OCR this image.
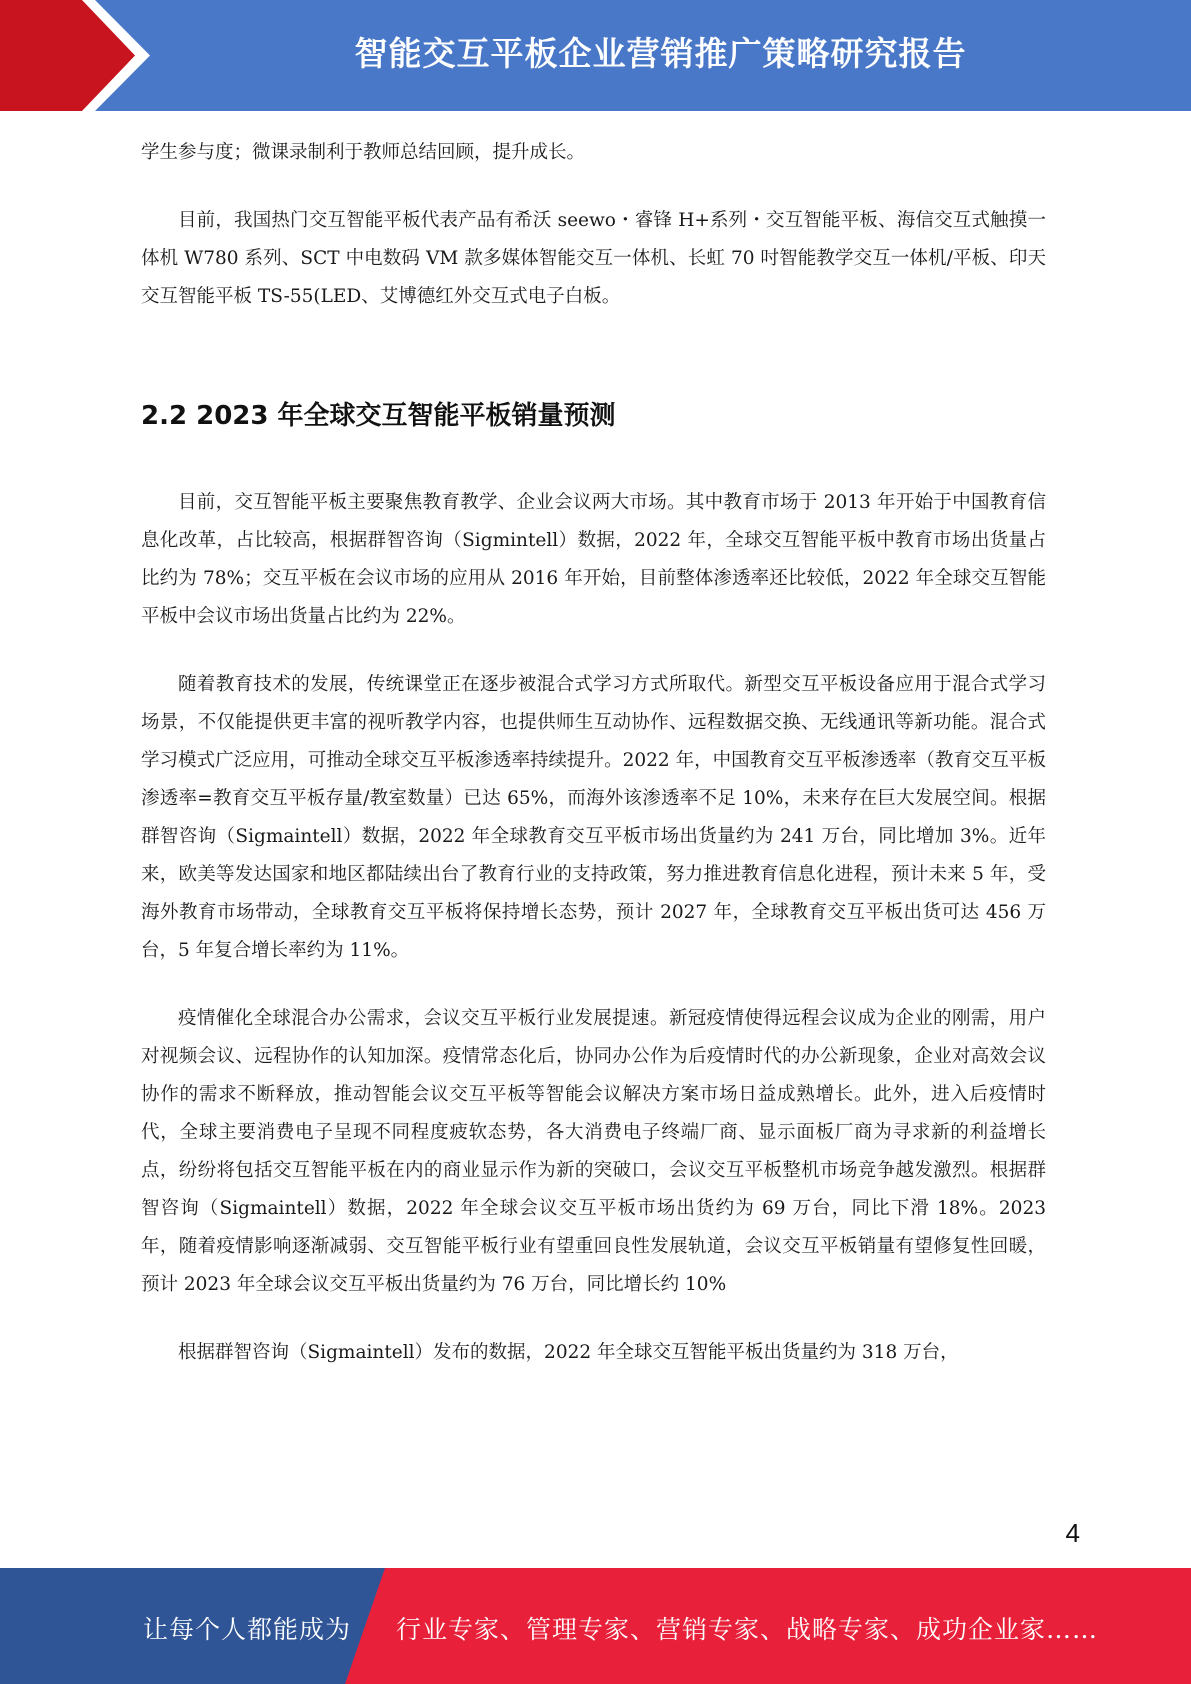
智能交互平板企业营销推广策略研究报告

学生参与度；微课录制利于教师总结回顾，提升成长。

目前，我国热门交互智能平板代表产品有希沃 seewo・睿锋 H+系列・交互智能平板、海信交互式触摸一体机 W780 系列、SCT 中电数码 VM 款多媒体智能交互一体机、长虹 70 吋智能教学交互一体机/平板、印天交互智能平板 TS-55(LED、艾博德红外交互式电子白板。

2.2 2023 年全球交互智能平板销量预测

目前，交互智能平板主要聚焦教育教学、企业会议两大市场。其中教育市场于 2013 年开始于中国教育信息化改革，占比较高，根据群智咨询（Sigmintell）数据，2022 年，全球交互智能平板中教育市场出货量占比约为 78%；交互平板在会议市场的应用从 2016 年开始，目前整体渗透率还比较低，2022 年全球交互智能平板中会议市场出货量占比约为 22%。

随着教育技术的发展，传统课堂正在逐步被混合式学习方式所取代。新型交互平板设备应用于混合式学习场景，不仅能提供更丰富的视听教学内容，也提供师生互动协作、远程数据交换、无线通讯等新功能。混合式学习模式广泛应用，可推动全球交互平板渗透率持续提升。2022 年，中国教育交互平板渗透率（教育交互平板渗透率=教育交互平板存量/教室数量）已达 65%，而海外该渗透率不足 10%，未来存在巨大发展空间。根据群智咨询（Sigmaintell）数据，2022 年全球教育交互平板市场出货量约为 241 万台，同比增加 3%。近年来，欧美等发达国家和地区都陆续出台了教育行业的支持政策，努力推进教育信息化进程，预计未来 5 年，受海外教育市场带动，全球教育交互平板将保持增长态势，预计 2027 年，全球教育交互平板出货可达 456 万台，5 年复合增长率约为 11%。

疫情催化全球混合办公需求，会议交互平板行业发展提速。新冠疫情使得远程会议成为企业的刚需，用户对视频会议、远程协作的认知加深。疫情常态化后，协同办公作为后疫情时代的办公新现象，企业对高效会议协作的需求不断释放，推动智能会议交互平板等智能会议解决方案市场日益成熟增长。此外，进入后疫情时代，全球主要消费电子呈现不同程度疲软态势，各大消费电子终端厂商、显示面板厂商为寻求新的利益增长点，纷纷将包括交互智能平板在内的商业显示作为新的突破口，会议交互平板整机市场竞争越发激烈。根据群智咨询（Sigmaintell）数据，2022 年全球会议交互平板市场出货约为 69 万台，同比下滑 18%。2023 年，随着疫情影响逐渐减弱、交互智能平板行业有望重回良性发展轨道，会议交互平板销量有望修复性回暖，预计 2023 年全球会议交互平板出货量约为 76 万台，同比增长约 10%

根据群智咨询（Sigmaintell）发布的数据，2022 年全球交互智能平板出货量约为 318 万台，

4
让每个人都能成为 行业专家、管理专家、营销专家、战略专家、成功企业家……
